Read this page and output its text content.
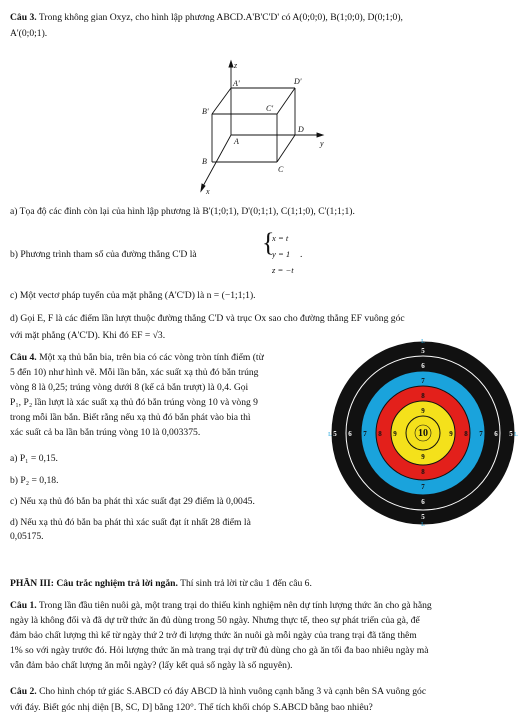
Câu 3. Trong không gian Oxyz, cho hình lập phương ABCD.A'B'C'D' có A(0;0;0), B(1;0;0), D(0;1;0),
A'(0;0;1).
z
y
x
A'	D'
B'	C'
A
D
B
C
a) Tọa độ các đỉnh còn lại của hình lập phương là B'(1;0;1), D'(0;1;1), C(1;1;0), C'(1;1;1).
b) Phương trình tham số của đường thẳng C'D là	{
x = t
y = 1
z = −t
.
c) Một vectơ pháp tuyến của mặt phẳng (A'C'D) là n = (−1;1;1).
d) Gọi E, F là các điểm lần lượt thuộc đường thẳng C'D và trục Ox sao cho đường thẳng EF vuông góc
với mặt phẳng (A'C'D). Khi đó EF = √3.
Câu 4. Một xạ thủ bắn bia, trên bia có các vòng tròn tính điểm (từ
5 đến 10) như hình vẽ. Mỗi lần bắn, xác suất xạ thủ đó bắn trúng
vòng 8 là 0,25; trúng vòng dưới 8 (kể cả bắn trượt) là 0,4. Gọi
P₁, P₂ lần lượt là xác suất xạ thủ đó bắn trúng vòng 10 và vòng 9
trong mỗi lần bắn. Biết rằng nếu xạ thủ đó bắn phát vào bia thì
xác suất cả ba lần bắn trúng vòng 10 là 0,003375.
a) P₁ = 0,15.
b) P₂ = 0,18.
c) Nếu xạ thủ đó bắn ba phát thì xác suất đạt 29 điểm là 0,0045.
d) Nếu xạ thủ đó bắn ba phát thì xác suất đạt ít nhất 28 điểm là
0,05175.
5 6 7 8 9 10	9 8 7 6 5
5
6
7
8
9
9
8
7
6
5
L
L
L	L
PHẦN III: Câu trắc nghiệm trả lời ngắn. Thí sinh trả lời từ câu 1 đến câu 6.
Câu 1. Trong lần đầu tiên nuôi gà, một trang trại do thiếu kinh nghiệm nên dự tính lượng thức ăn cho gà hằng
ngày là không đổi và đã dự trữ thức ăn đủ dùng trong 50 ngày. Nhưng thực tế, theo sự phát triển của gà, để
đảm bảo chất lượng thì kể từ ngày thứ 2 trở đi lượng thức ăn nuôi gà mỗi ngày của trang trại đã tăng thêm
1% so với ngày trước đó. Hỏi lượng thức ăn mà trang trại dự trữ đủ dùng cho gà ăn tối đa bao nhiêu ngày mà
vẫn đảm bảo chất lượng ăn mỗi ngày? (lấy kết quả số ngày là số nguyên).
Câu 2. Cho hình chóp tứ giác S.ABCD có đáy ABCD là hình vuông cạnh bằng 3 và cạnh bên SA vuông góc
với đáy. Biết góc nhị diện [B, SC, D] bằng 120°. Thể tích khối chóp S.ABCD bằng bao nhiêu?
